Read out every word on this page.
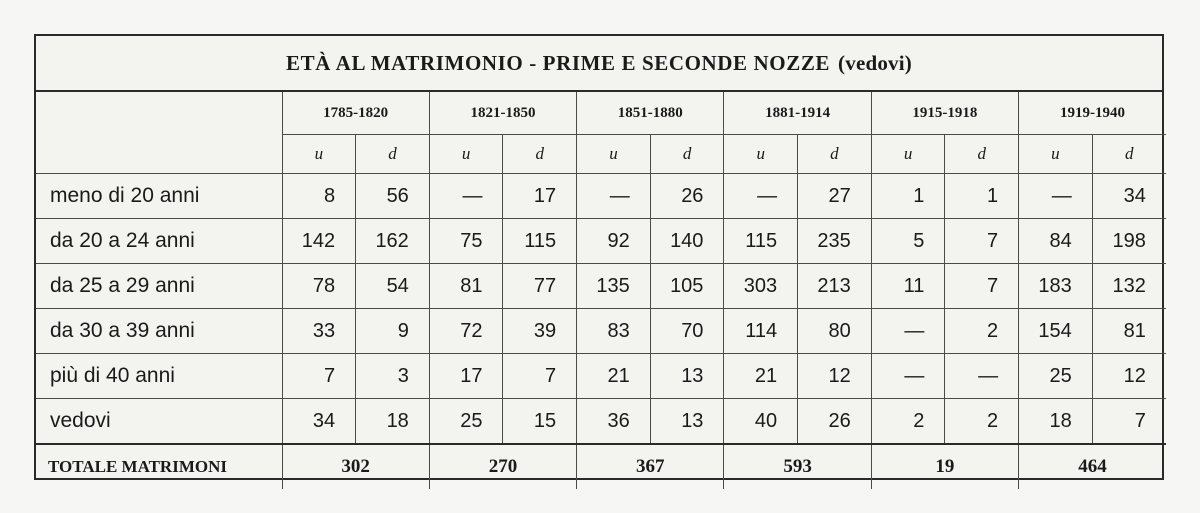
ETÀ AL MATRIMONIO - PRIME E SECONDE NOZZE (vedovi)
	1785-1820		1821-1850		1851-1880		1881-1914		1915-1918		1919-1940	
	u	d	u	d	u	d	u	d	u	d	u	d
meno di 20 anni	8	56	—	17	—	26	—	27	1	1	—	34
da 20 a 24 anni	142	162	75	115	92	140	115	235	5	7	84	198
da 25 a 29 anni	78	54	81	77	135	105	303	213	11	7	183	132
da 30 a 39 anni	33	9	72	39	83	70	114	80	—	2	154	81
più di 40 anni	7	3	17	7	21	13	21	12	—	—	25	12
vedovi	34	18	25	15	36	13	40	26	2	2	18	7
TOTALE MATRIMONI	302		270		367		593		19		464	
